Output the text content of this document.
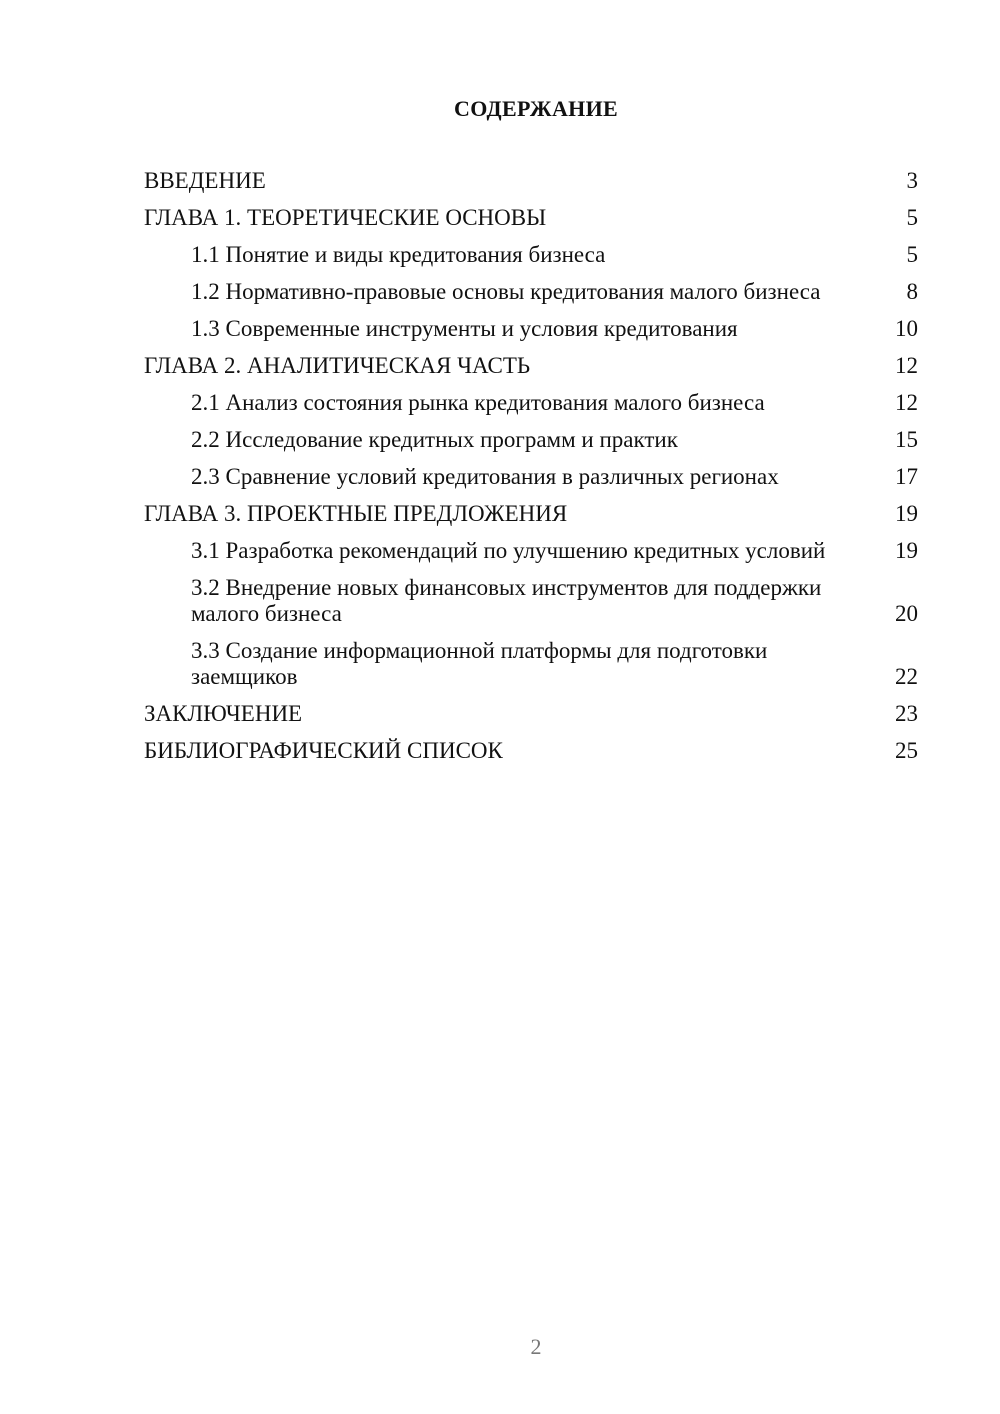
СОДЕРЖАНИЕ
ВВЕДЕНИЕ	3
ГЛАВА 1. ТЕОРЕТИЧЕСКИЕ ОСНОВЫ	5
1.1 Понятие и виды кредитования бизнеса	5
1.2 Нормативно-правовые основы кредитования малого бизнеса	8
1.3 Современные инструменты и условия кредитования	10
ГЛАВА 2. АНАЛИТИЧЕСКАЯ ЧАСТЬ	12
2.1 Анализ состояния рынка кредитования малого бизнеса	12
2.2 Исследование кредитных программ и практик	15
2.3 Сравнение условий кредитования в различных регионах	17
ГЛАВА 3. ПРОЕКТНЫЕ ПРЕДЛОЖЕНИЯ	19
3.1 Разработка рекомендаций по улучшению кредитных условий	19
3.2 Внедрение новых финансовых инструментов для поддержки малого бизнеса	20
3.3 Создание информационной платформы для подготовки заемщиков	22
ЗАКЛЮЧЕНИЕ	23
БИБЛИОГРАФИЧЕСКИЙ СПИСОК	25
2
